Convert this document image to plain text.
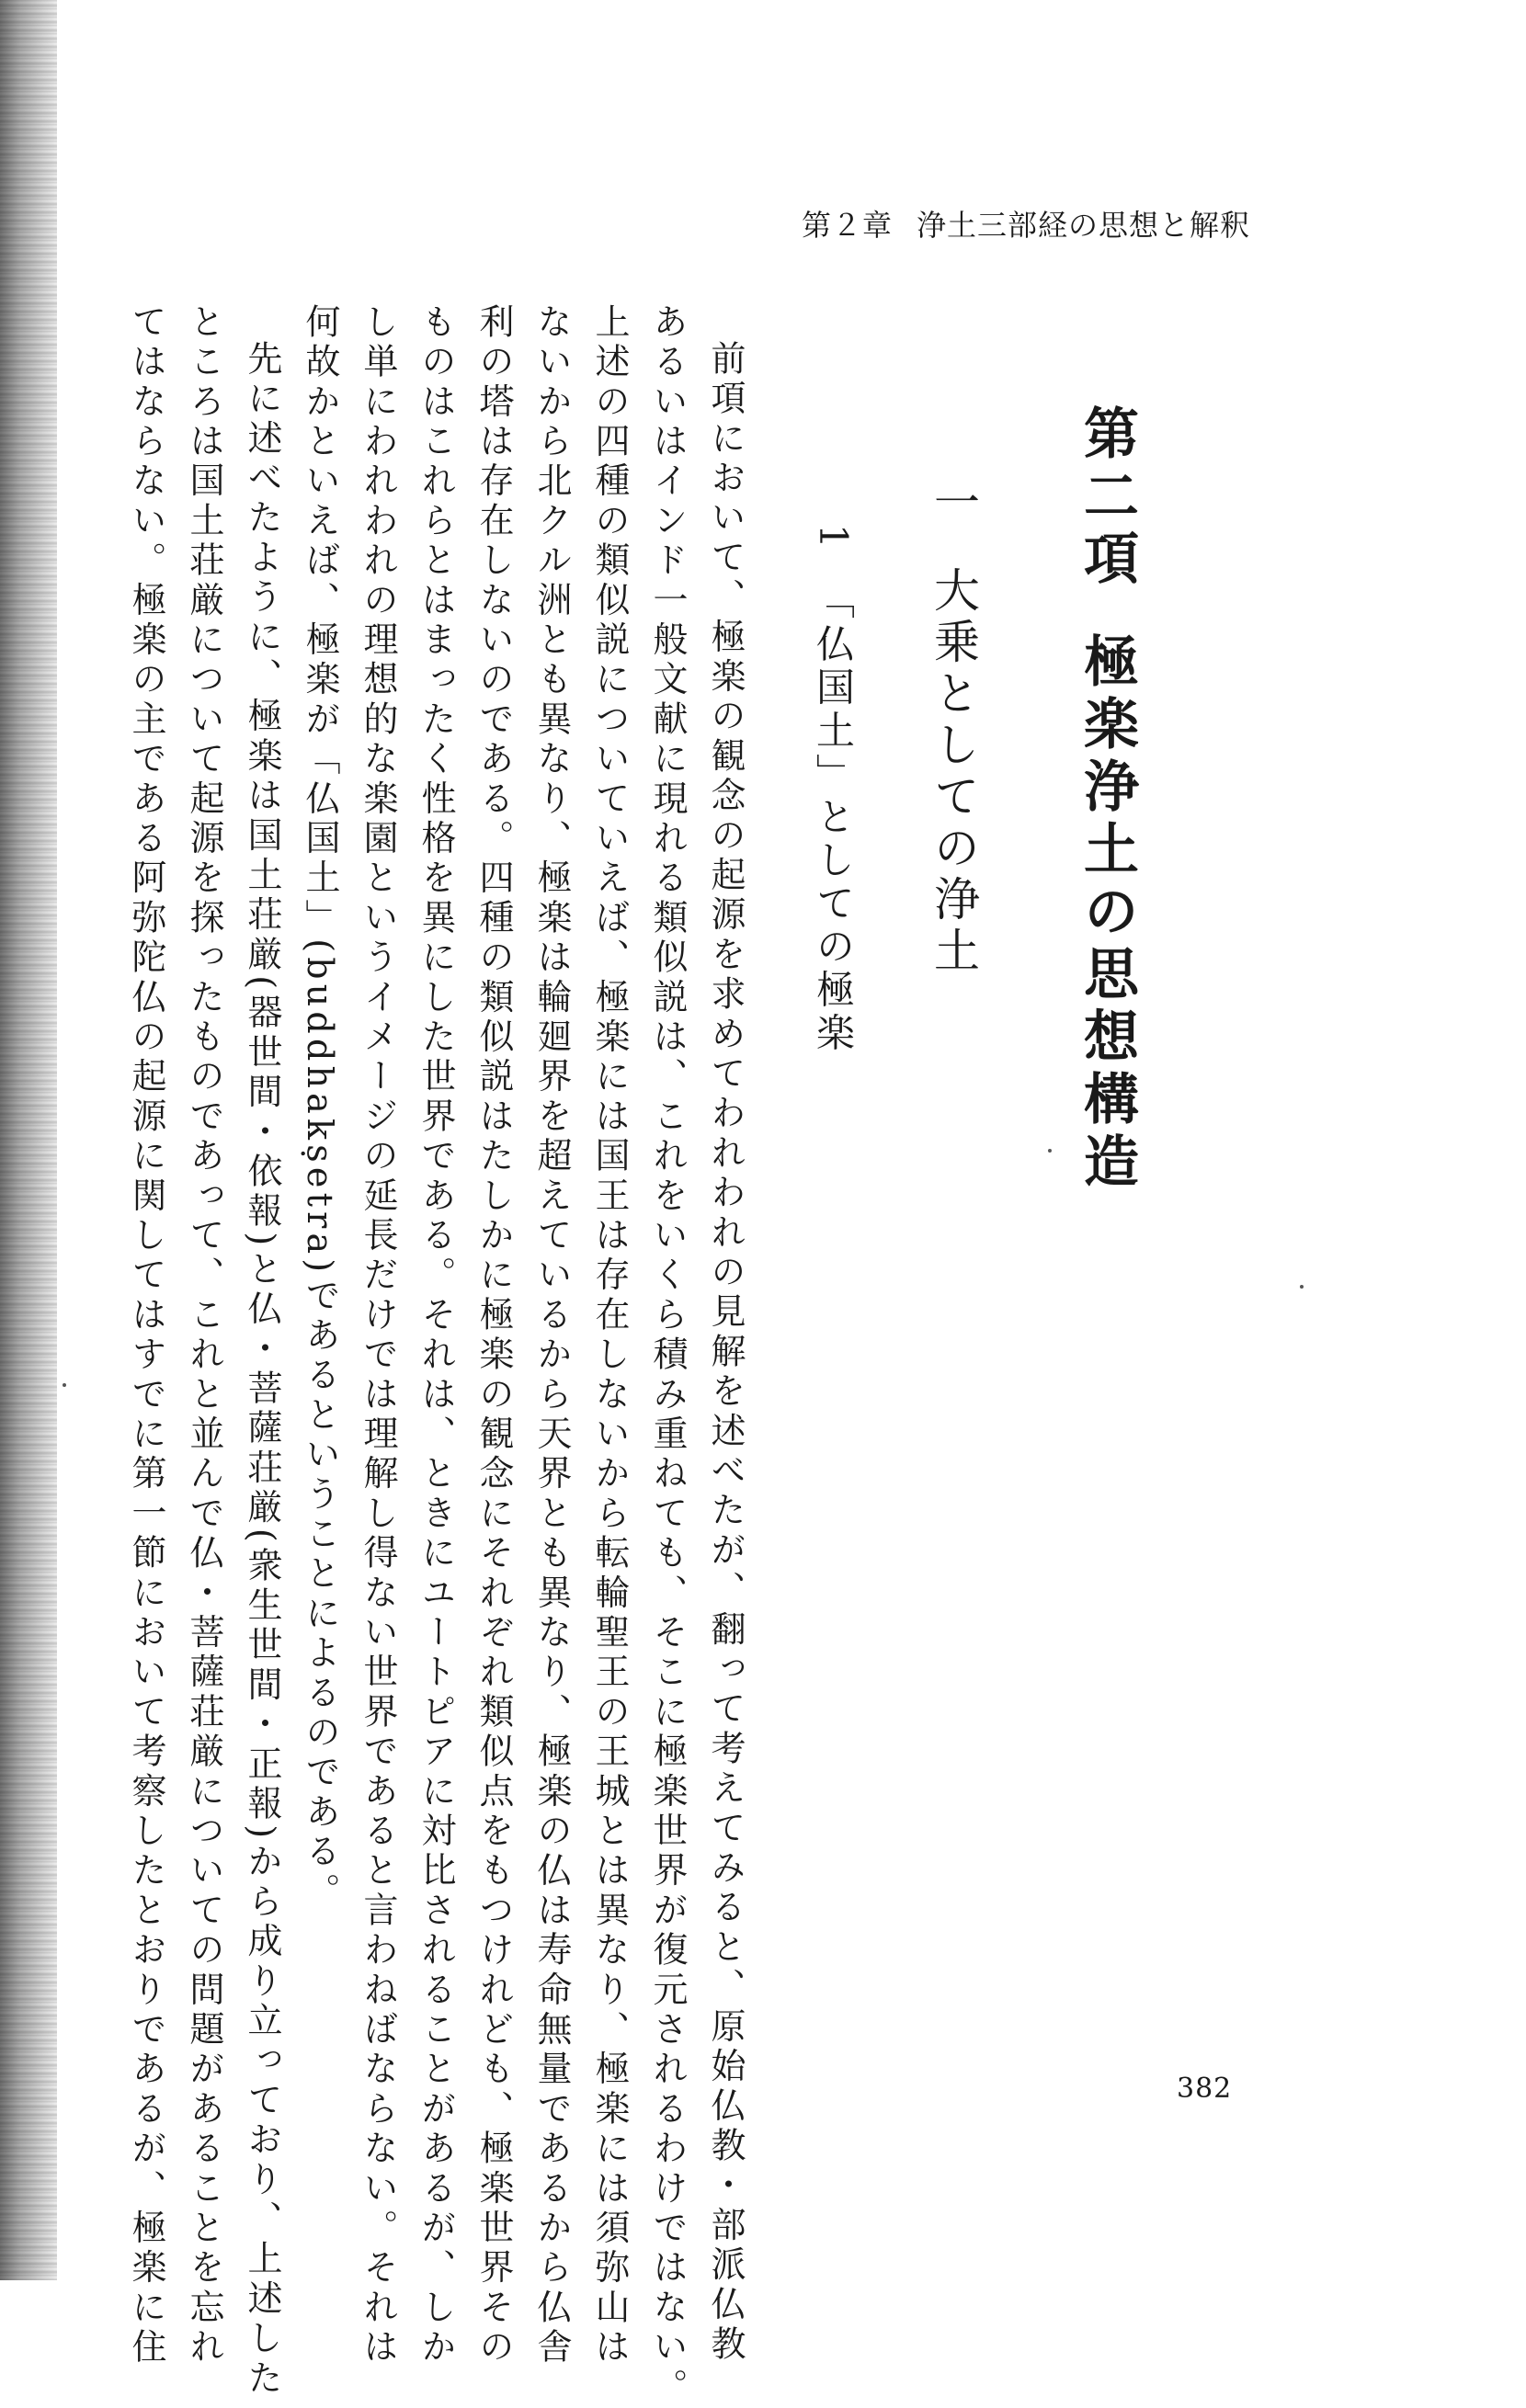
第２章 浄土三部経の思想と解釈
第二項極楽浄土の思想構造
一大乗としての浄土
1「仏国土」としての極楽
前項において、極楽の観念の起源を求めてわれわれの見解を述べたが、翻って考えてみると、原始仏教・部派仏教
あるいはインド一般文献に現れる類似説は、これをいくら積み重ねても、そこに極楽世界が復元されるわけではない。
上述の四種の類似説についていえば、極楽には国王は存在しないから転輪聖王の王城とは異なり、極楽には須弥山は
ないから北クル洲とも異なり、極楽は輪廻界を超えているから天界とも異なり、極楽の仏は寿命無量であるから仏舎
利の塔は存在しないのである。四種の類似説はたしかに極楽の観念にそれぞれ類似点をもつけれども、極楽世界その
ものはこれらとはまったく性格を異にした世界である。それは、ときにユートピアに対比されることがあるが、しか
し単にわれわれの理想的な楽園というイメージの延長だけでは理解し得ない世界であると言わねばならない。それは
何故かといえば、極楽が「仏国土」(buddhakṣetra)であるということによるのである。
先に述べたように、極楽は国土荘厳(器世間・依報)と仏・菩薩荘厳(衆生世間・正報)から成り立っており、上述した
ところは国土荘厳について起源を探ったものであって、これと並んで仏・菩薩荘厳についての問題があることを忘れ
てはならない。極楽の主である阿弥陀仏の起源に関してはすでに第一節において考察したとおりであるが、極楽に住	382
